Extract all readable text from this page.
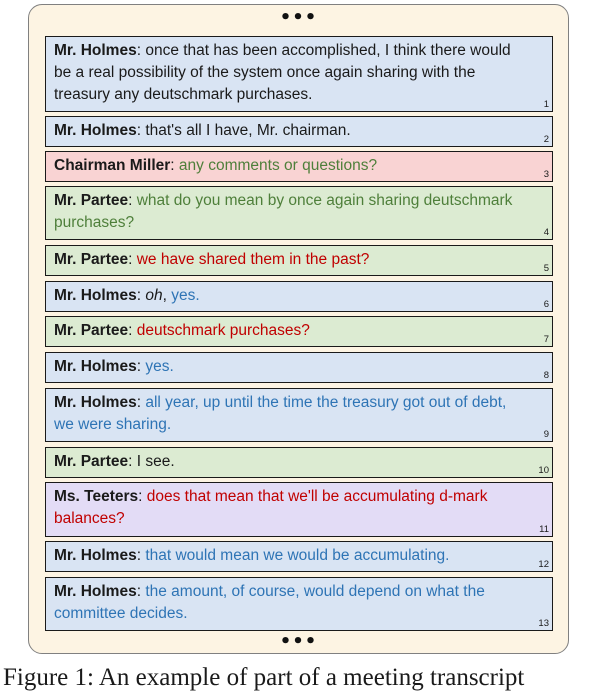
•••
•••
Mr. Holmes: once that has been accomplished, I think there would be a real possibility of the system once again sharing with the treasury any deutschmark purchases.
1
Mr. Holmes: that's all I have, Mr. chairman.
2
Chairman Miller: any comments or questions?
3
Mr. Partee: what do you mean by once again sharing deutschmark purchases?
4
Mr. Partee: we have shared them in the past?
5
Mr. Holmes: oh, yes.
6
Mr. Partee: deutschmark purchases?
7
Mr. Holmes: yes.
8
Mr. Holmes: all year, up until the time the treasury got out of debt, we were sharing.
9
Mr. Partee: I see.
10
Ms. Teeters: does that mean that we'll be accumulating d-mark balances?
11
Mr. Holmes: that would mean we would be accumulating.
12
Mr. Holmes: the amount, of course, would depend on what the committee decides.
13
Figure 1: An example of part of a meeting transcript
